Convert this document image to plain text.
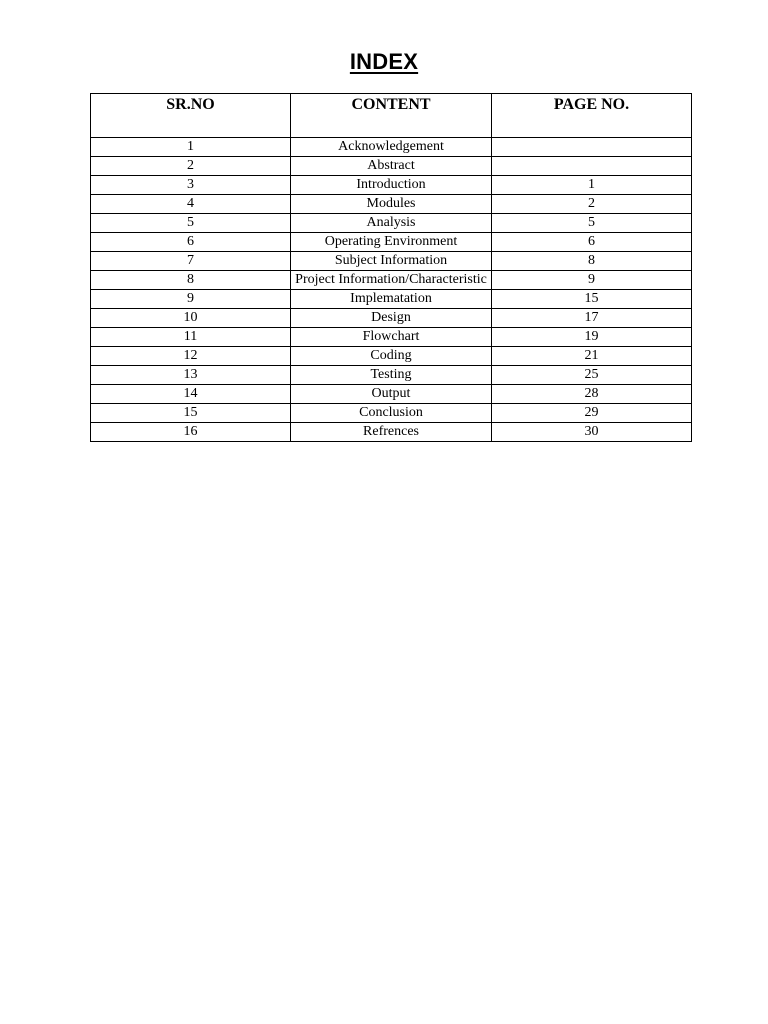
INDEX
SR.NO	CONTENT	PAGE NO.
1	Acknowledgement	
2	Abstract	
3	Introduction	1
4	Modules	2
5	Analysis	5
6	Operating Environment	6
7	Subject Information	8
8	Project Information/Characteristic	9
9	Implematation	15
10	Design	17
11	Flowchart	19
12	Coding	21
13	Testing	25
14	Output	28
15	Conclusion	29
16	Refrences	30
